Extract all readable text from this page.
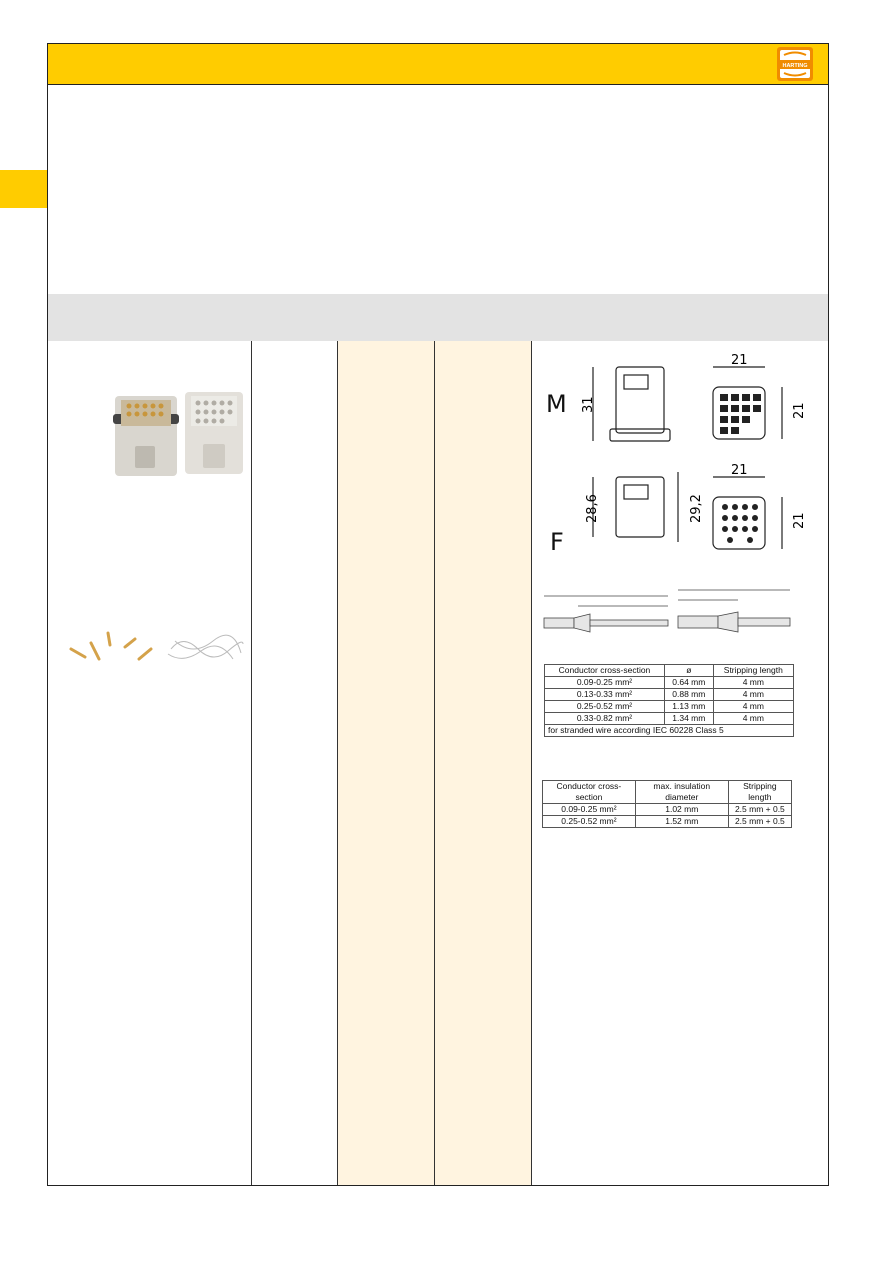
HARTING
M
F
31
21
21
28,6	29,2
21
21
Conductor cross-section	ø	Stripping length
0.09-0.25 mm²	0.64 mm	4 mm
0.13-0.33 mm²	0.88 mm	4 mm
0.25-0.52 mm²	1.13 mm	4 mm
0.33-0.82 mm²	1.34 mm	4 mm
for stranded wire according IEC 60228 Class 5		
Conductor cross-section	max. insulation diameter	Stripping length
0.09-0.25 mm²	1.02 mm	2.5 mm + 0.5
0.25-0.52 mm²	1.52 mm	2.5 mm + 0.5
